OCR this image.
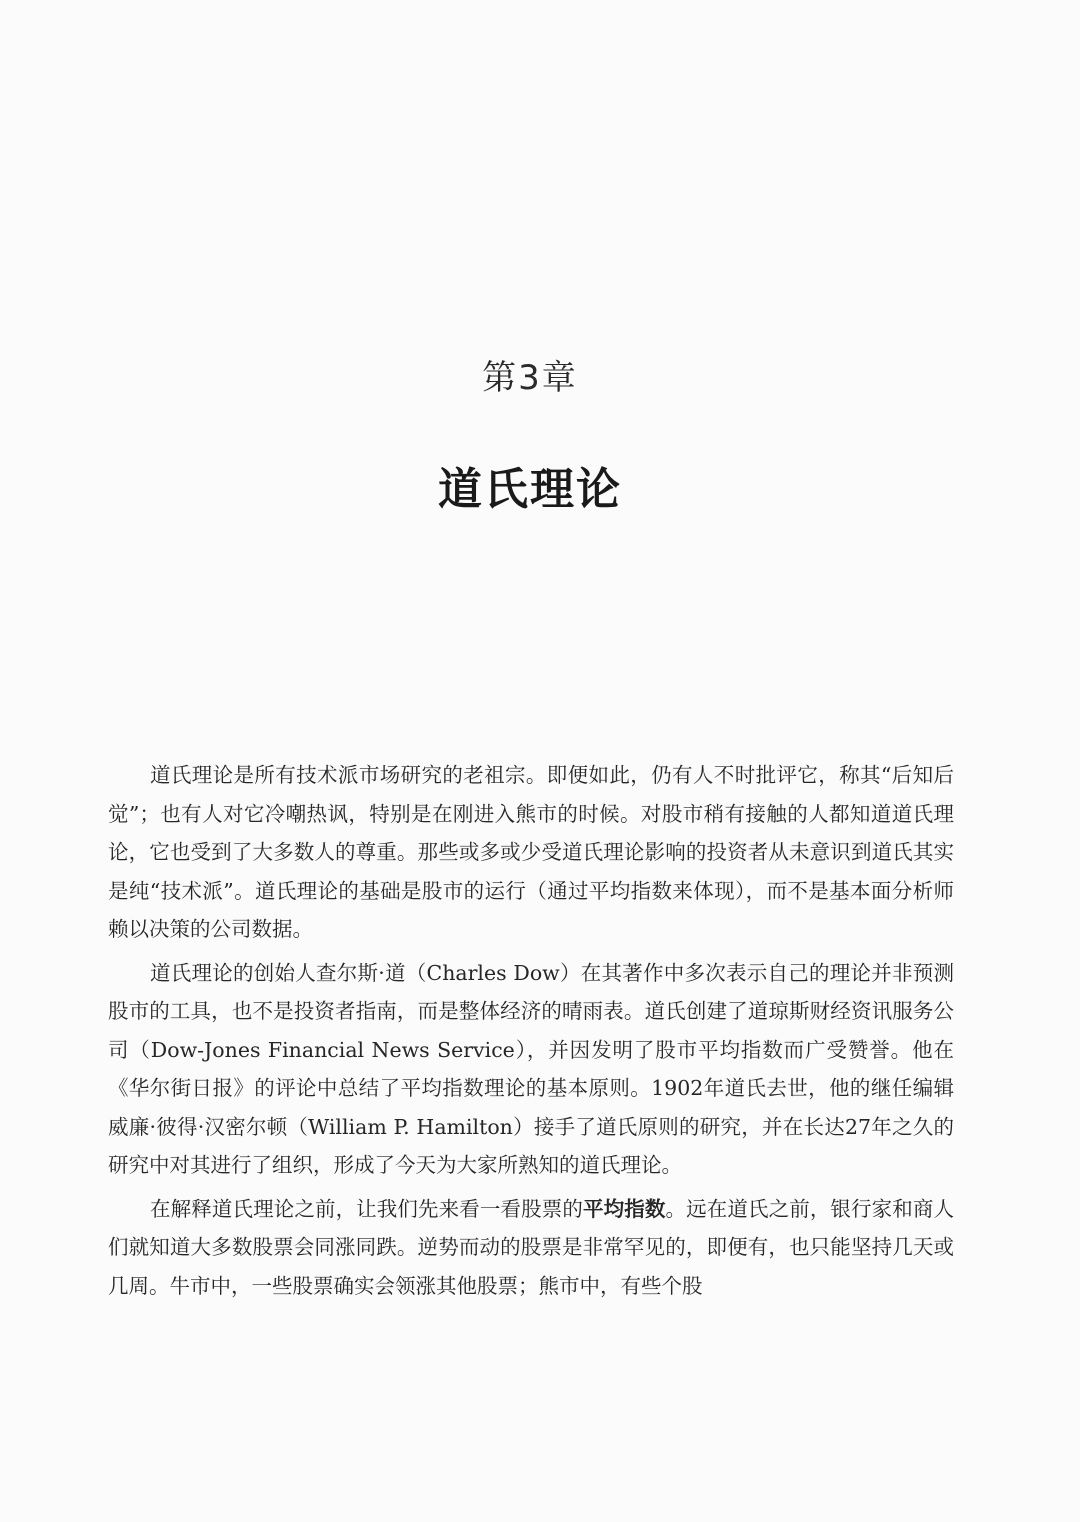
第3章
道氏理论

道氏理论是所有技术派市场研究的老祖宗。即便如此，仍有人不时批评它，称其“后知后觉”；也有人对它冷嘲热讽，特别是在刚进入熊市的时候。对股市稍有接触的人都知道道氏理论，它也受到了大多数人的尊重。那些或多或少受道氏理论影响的投资者从未意识到道氏其实是纯“技术派”。道氏理论的基础是股市的运行（通过平均指数来体现），而不是基本面分析师赖以决策的公司数据。

道氏理论的创始人查尔斯·道（Charles Dow）在其著作中多次表示自己的理论并非预测股市的工具，也不是投资者指南，而是整体经济的晴雨表。道氏创建了道琼斯财经资讯服务公司（Dow-Jones Financial News Service），并因发明了股市平均指数而广受赞誉。他在《华尔街日报》的评论中总结了平均指数理论的基本原则。1902年道氏去世，他的继任编辑威廉·彼得·汉密尔顿（William P. Hamilton）接手了道氏原则的研究，并在长达27年之久的研究中对其进行了组织，形成了今天为大家所熟知的道氏理论。

在解释道氏理论之前，让我们先来看一看股票的平均指数。远在道氏之前，银行家和商人们就知道大多数股票会同涨同跌。逆势而动的股票是非常罕见的，即便有，也只能坚持几天或几周。牛市中，一些股票确实会领涨其他股票；熊市中，有些个股
